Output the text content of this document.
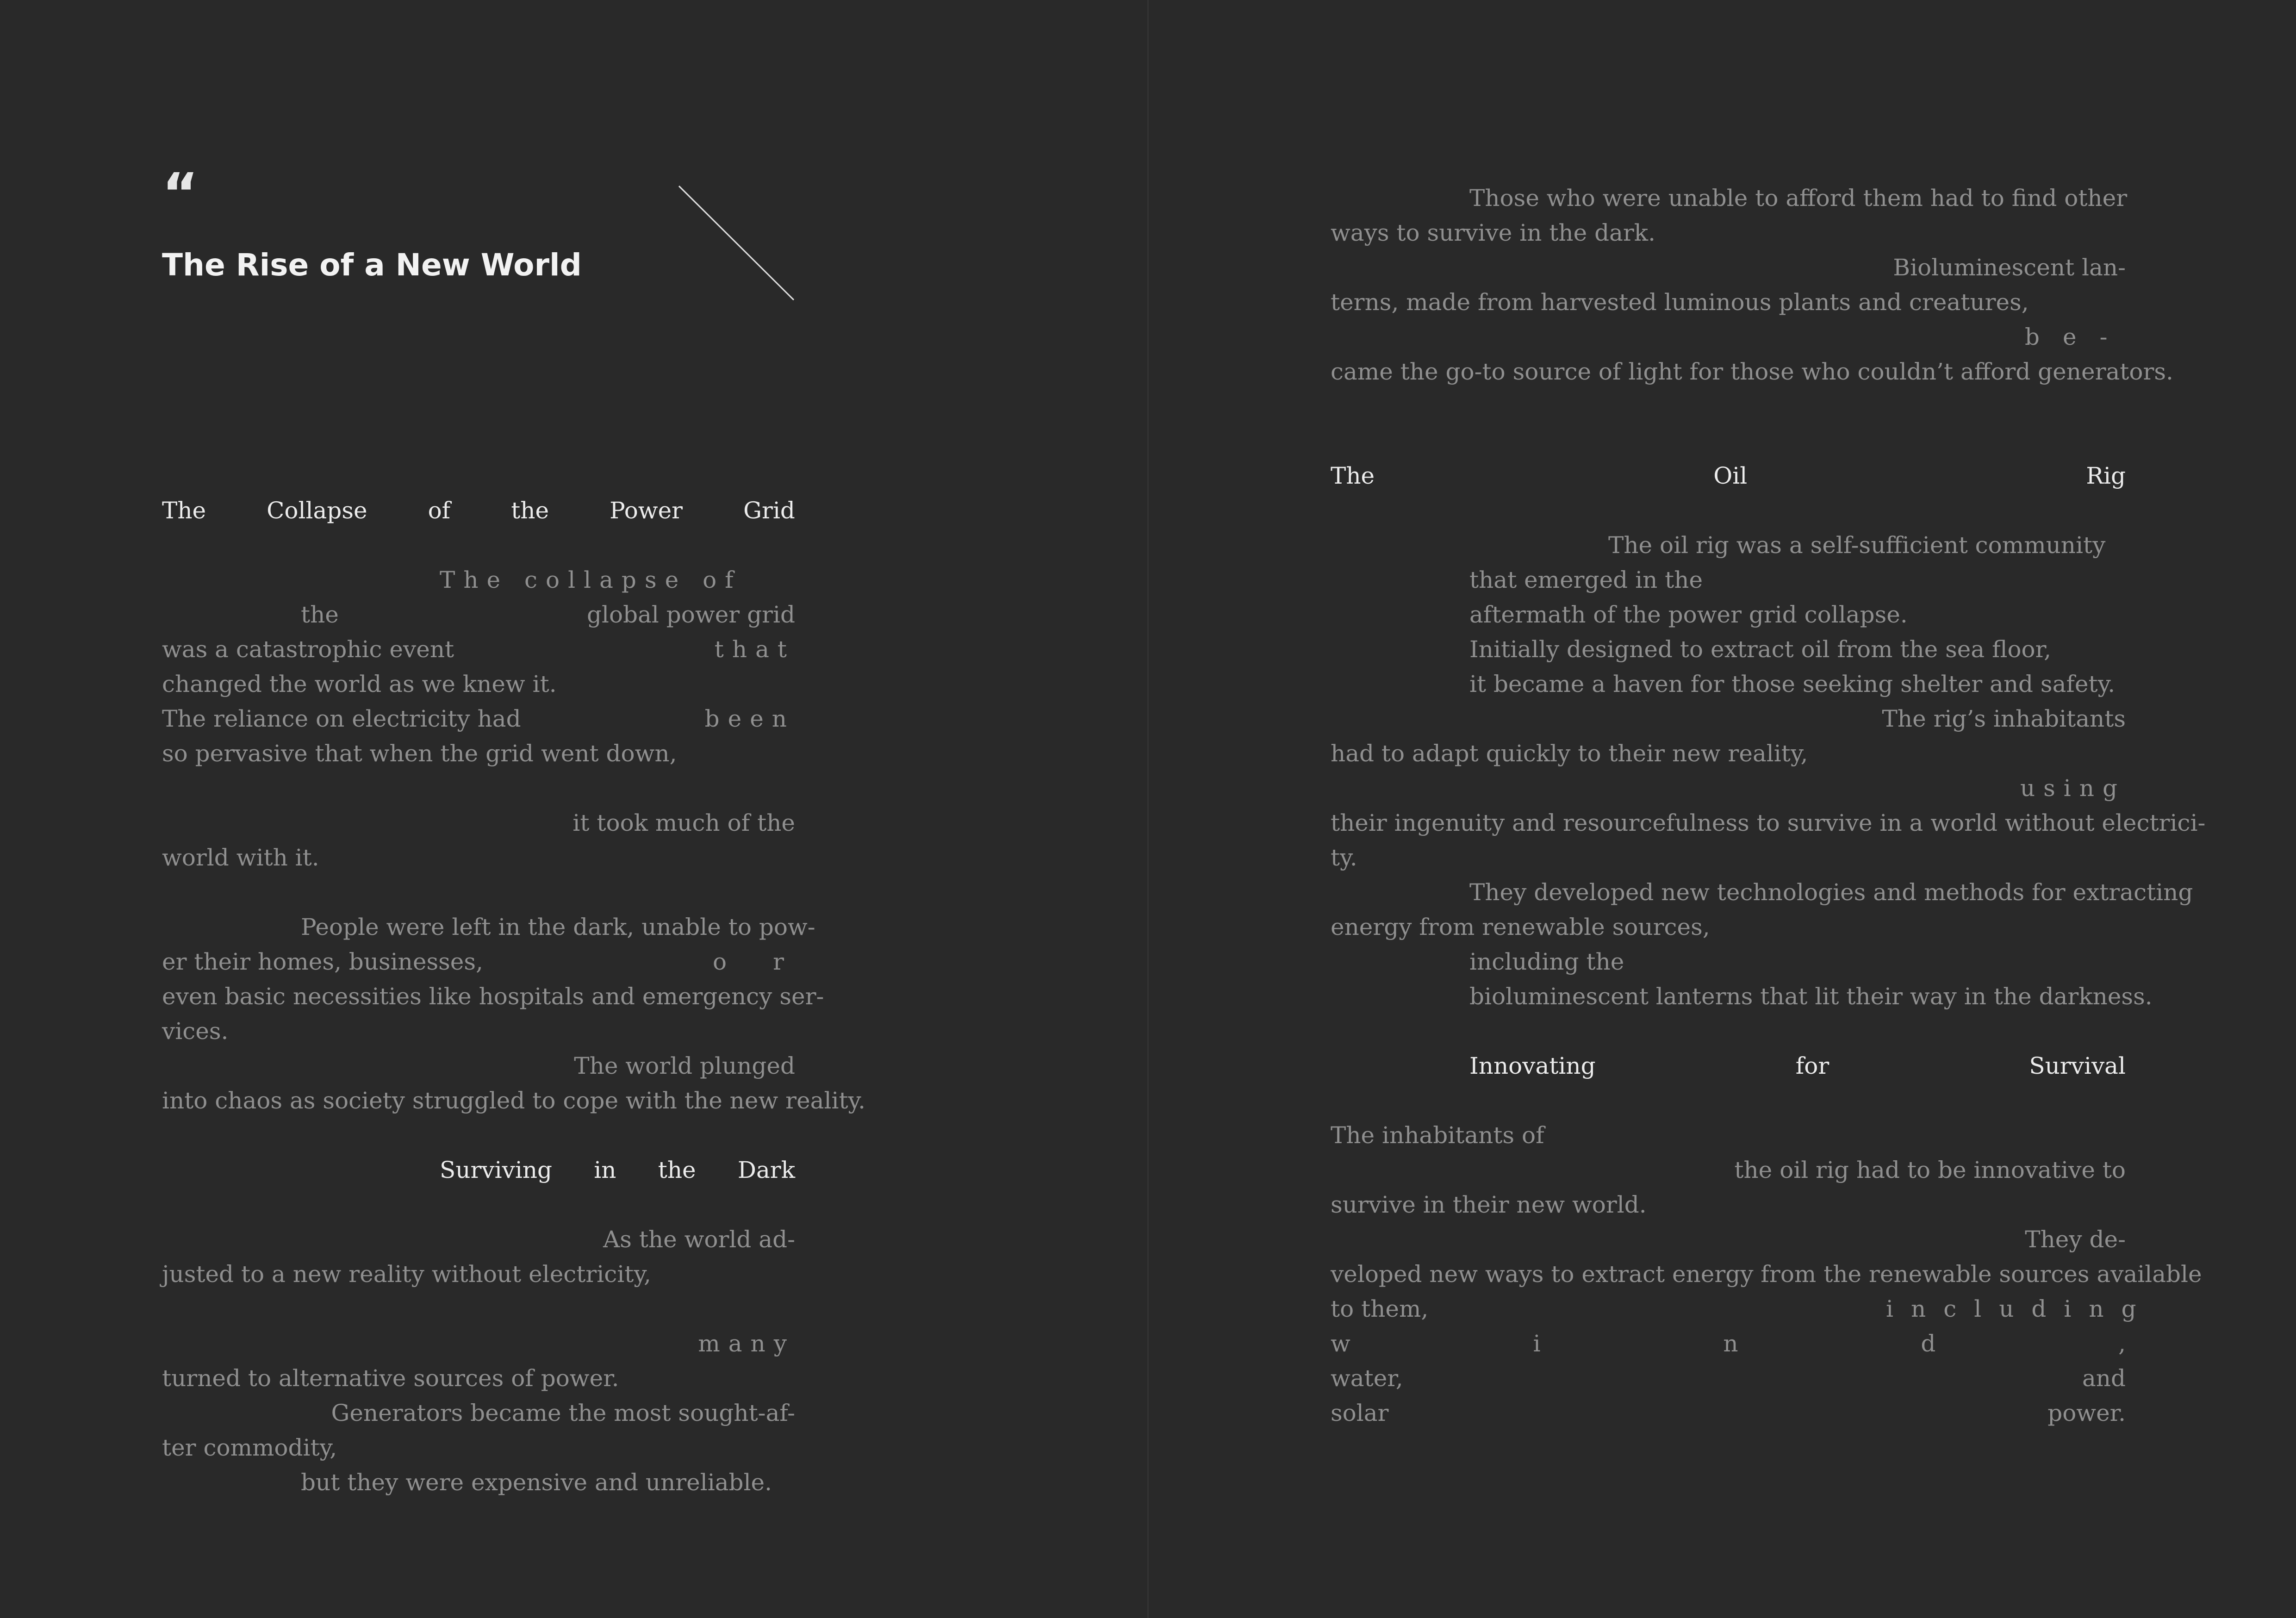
“
The Rise of a New World
The	Collapse	of	the	Power	Grid
The collapse of
the	global power grid
was a catastrophic event	that
changed the world as we knew it.
The reliance on electricity had	been
so pervasive that when the grid went down,
it took much of the
world with it.
People were left in the dark, unable to pow-
er their homes, businesses,	or
even basic necessities like hospitals and emergency ser-
vices.
The world plunged
into chaos as society struggled to cope with the new reality.
Surviving in the Dark
As the world ad-
justed to a new reality without electricity,
many
turned to alternative sources of power.
Generators became the most sought-af-
ter commodity,
but they were expensive and unreliable.
Those who were unable to afford them had to find other
ways to survive in the dark.
Bioluminescent lan-
terns, made from harvested luminous plants and creatures,
be-
came the go-to source of light for those who couldn’t afford generators.
The	Oil	Rig
The oil rig was a self-sufficient community
that emerged in the
aftermath of the power grid collapse.
Initially designed to extract oil from the sea floor,
it became a haven for those seeking shelter and safety.
The rig’s inhabitants
had to adapt quickly to their new reality,
using
their ingenuity and resourcefulness to survive in a world without electrici-
ty.
They developed new technologies and methods for extracting
energy from renewable sources,
including the
bioluminescent lanterns that lit their way in the darkness.
Innovating	for	Survival
The inhabitants of
the oil rig had to be innovative to
survive in their new world.
They de-
veloped new ways to extract energy from the renewable sources available
to them,	including
w	i	n	d	,
water,	and
solar	power.
